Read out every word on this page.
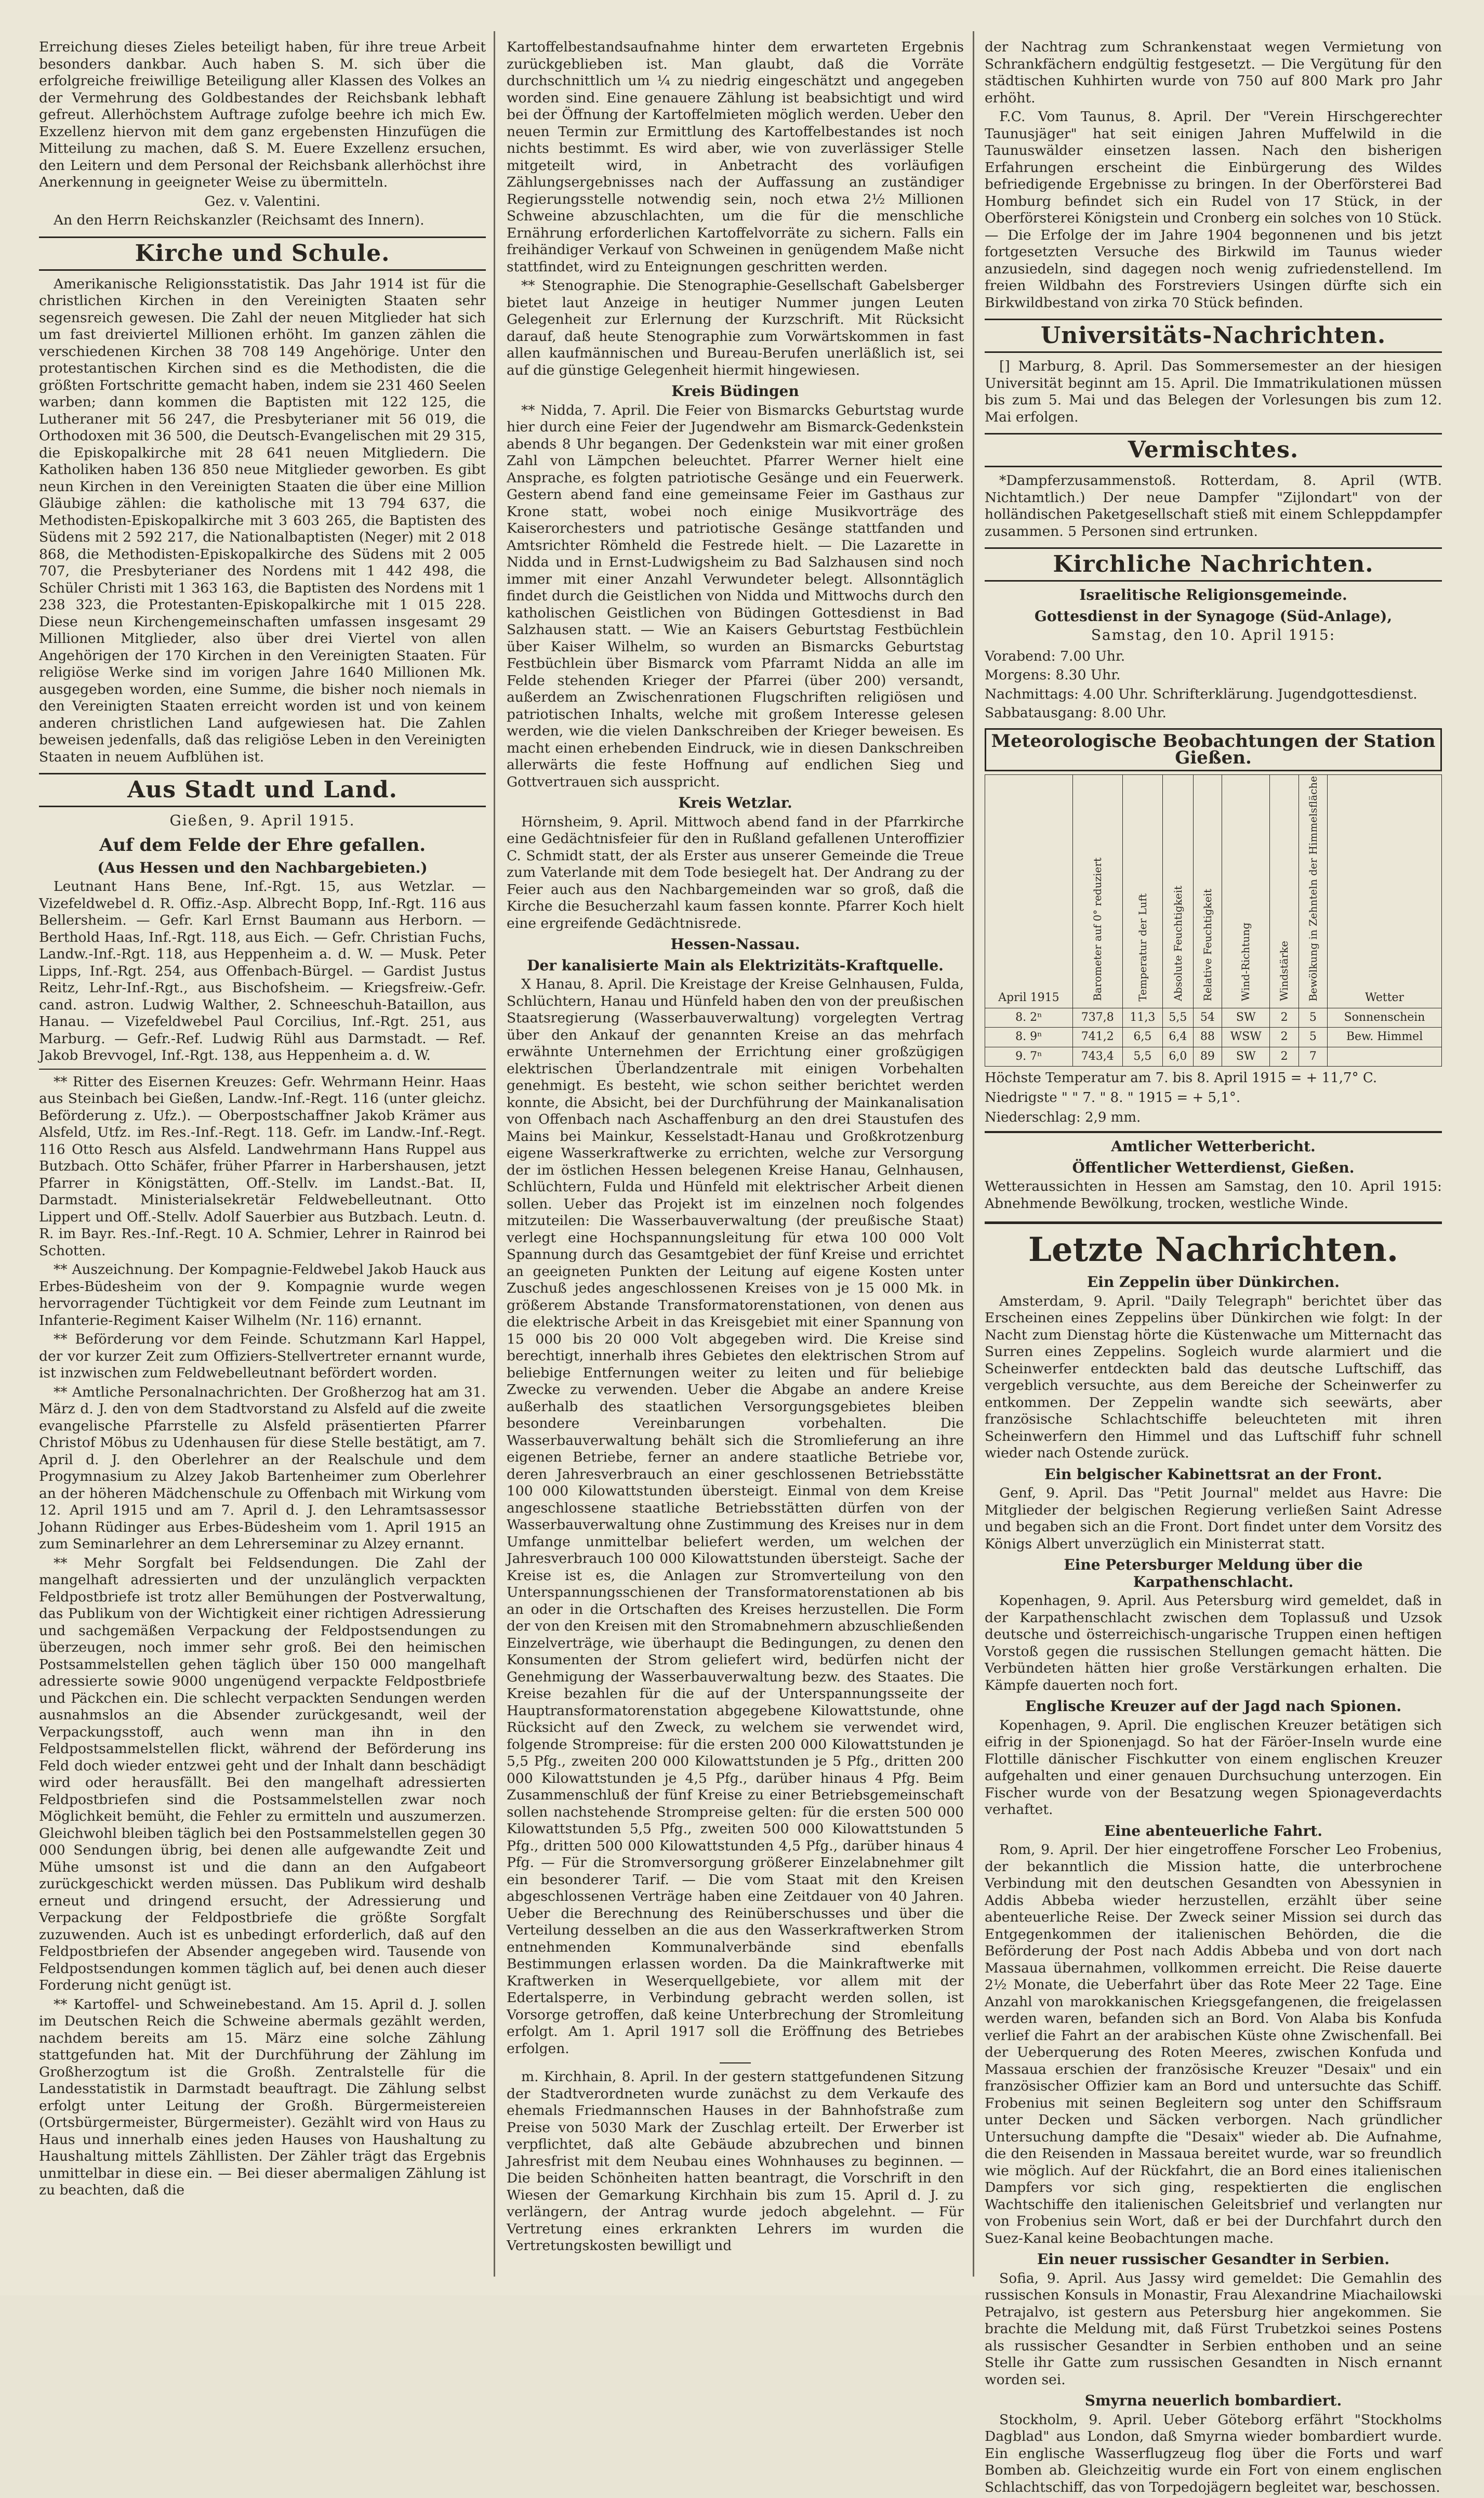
Erreichung dieses Zieles beteiligt haben, für ihre treue Arbeit besonders dankbar. Auch haben S. M. sich über die erfolgreiche freiwillige Beteiligung aller Klassen des Volkes an der Vermehrung des Goldbestandes der Reichsbank lebhaft gefreut. Allerhöchstem Auftrage zufolge beehre ich mich Ew. Exzellenz hiervon mit dem ganz ergebensten Hinzufügen die Mitteilung zu machen, daß S. M. Euere Exzellenz ersuchen, den Leitern und dem Personal der Reichsbank allerhöchst ihre Anerkennung in geeigneter Weise zu übermitteln.

Gez. v. Valentini.

An den Herrn Reichskanzler (Reichsamt des Innern).

Kirche und Schule.

Amerikanische Religionsstatistik. Das Jahr 1914 ist für die christlichen Kirchen in den Vereinigten Staaten sehr segensreich gewesen. Die Zahl der neuen Mitglieder hat sich um fast dreiviertel Millionen erhöht. Im ganzen zählen die verschiedenen Kirchen 38 708 149 Angehörige. Unter den protestantischen Kirchen sind es die Methodisten, die die größten Fortschritte gemacht haben, indem sie 231 460 Seelen warben; dann kommen die Baptisten mit 122 125, die Lutheraner mit 56 247, die Presbyterianer mit 56 019, die Orthodoxen mit 36 500, die Deutsch-Evangelischen mit 29 315, die Episkopalkirche mit 28 641 neuen Mitgliedern. Die Katholiken haben 136 850 neue Mitglieder geworben. Es gibt neun Kirchen in den Vereinigten Staaten die über eine Million Gläubige zählen: die katholische mit 13 794 637, die Methodisten-Episkopalkirche mit 3 603 265, die Baptisten des Südens mit 2 592 217, die Nationalbaptisten (Neger) mit 2 018 868, die Methodisten-Episkopalkirche des Südens mit 2 005 707, die Presbyterianer des Nordens mit 1 442 498, die Schüler Christi mit 1 363 163, die Baptisten des Nordens mit 1 238 323, die Protestanten-Episkopalkirche mit 1 015 228. Diese neun Kirchengemeinschaften umfassen insgesamt 29 Millionen Mitglieder, also über drei Viertel von allen Angehörigen der 170 Kirchen in den Vereinigten Staaten. Für religiöse Werke sind im vorigen Jahre 1640 Millionen Mk. ausgegeben worden, eine Summe, die bisher noch niemals in den Vereinigten Staaten erreicht worden ist und von keinem anderen christlichen Land aufgewiesen hat. Die Zahlen beweisen jedenfalls, daß das religiöse Leben in den Vereinigten Staaten in neuem Aufblühen ist.

Aus Stadt und Land.
Gießen, 9. April 1915.
Auf dem Felde der Ehre gefallen.
(Aus Hessen und den Nachbargebieten.)

Leutnant Hans Bene, Inf.-Rgt. 15, aus Wetzlar. — Vizefeldwebel d. R. Offiz.-Asp. Albrecht Bopp, Inf.-Rgt. 116 aus Bellersheim. — Gefr. Karl Ernst Baumann aus Herborn. — Berthold Haas, Inf.-Rgt. 118, aus Eich. — Gefr. Christian Fuchs, Landw.-Inf.-Rgt. 118, aus Heppenheim a. d. W. — Musk. Peter Lipps, Inf.-Rgt. 254, aus Offenbach-Bürgel. — Gardist Justus Reitz, Lehr-Inf.-Rgt., aus Bischofsheim. — Kriegsfreiw.-Gefr. cand. astron. Ludwig Walther, 2. Schneeschuh-Bataillon, aus Hanau. — Vizefeldwebel Paul Corcilius, Inf.-Rgt. 251, aus Marburg. — Gefr.-Ref. Ludwig Rühl aus Darmstadt. — Ref. Jakob Brevvogel, Inf.-Rgt. 138, aus Heppenheim a. d. W.

** Ritter des Eisernen Kreuzes: Gefr. Wehrmann Heinr. Haas aus Steinbach bei Gießen, Landw.-Inf.-Regt. 116 (unter gleichz. Beförderung z. Ufz.). — Oberpostschaffner Jakob Krämer aus Alsfeld, Utfz. im Res.-Inf.-Regt. 118. Gefr. im Landw.-Inf.-Regt. 116 Otto Resch aus Alsfeld. Landwehrmann Hans Ruppel aus Butzbach. Otto Schäfer, früher Pfarrer in Harbershausen, jetzt Pfarrer in Königstätten, Off.-Stellv. im Landst.-Bat. II, Darmstadt. Ministerialsekretär Feldwebelleutnant. Otto Lippert und Off.-Stellv. Adolf Sauerbier aus Butzbach. Leutn. d. R. im Bayr. Res.-Inf.-Regt. 10 A. Schmier, Lehrer in Rainrod bei Schotten.

** Auszeichnung. Der Kompagnie-Feldwebel Jakob Hauck aus Erbes-Büdesheim von der 9. Kompagnie wurde wegen hervorragender Tüchtigkeit vor dem Feinde zum Leutnant im Infanterie-Regiment Kaiser Wilhelm (Nr. 116) ernannt.

** Beförderung vor dem Feinde. Schutzmann Karl Happel, der vor kurzer Zeit zum Offiziers-Stellvertreter ernannt wurde, ist inzwischen zum Feldwebelleutnant befördert worden.

** Amtliche Personalnachrichten. Der Großherzog hat am 31. März d. J. den von dem Stadtvorstand zu Alsfeld auf die zweite evangelische Pfarrstelle zu Alsfeld präsentierten Pfarrer Christof Möbus zu Udenhausen für diese Stelle bestätigt, am 7. April d. J. den Oberlehrer an der Realschule und dem Progymnasium zu Alzey Jakob Bartenheimer zum Oberlehrer an der höheren Mädchenschule zu Offenbach mit Wirkung vom 12. April 1915 und am 7. April d. J. den Lehramtsassessor Johann Rüdinger aus Erbes-Büdesheim vom 1. April 1915 an zum Seminarlehrer an dem Lehrerseminar zu Alzey ernannt.

** Mehr Sorgfalt bei Feldsendungen. Die Zahl der mangelhaft adressierten und der unzulänglich verpackten Feldpostbriefe ist trotz aller Bemühungen der Postverwaltung, das Publikum von der Wichtigkeit einer richtigen Adressierung und sachgemäßen Verpackung der Feldpostsendungen zu überzeugen, noch immer sehr groß. Bei den heimischen Postsammelstellen gehen täglich über 150 000 mangelhaft adressierte sowie 9000 ungenügend verpackte Feldpostbriefe und Päckchen ein. Die schlecht verpackten Sendungen werden ausnahmslos an die Absender zurückgesandt, weil der Verpackungsstoff, auch wenn man ihn in den Feldpostsammelstellen flickt, während der Beförderung ins Feld doch wieder entzwei geht und der Inhalt dann beschädigt wird oder herausfällt. Bei den mangelhaft adressierten Feldpostbriefen sind die Postsammelstellen zwar noch Möglichkeit bemüht, die Fehler zu ermitteln und auszumerzen. Gleichwohl bleiben täglich bei den Postsammelstellen gegen 30 000 Sendungen übrig, bei denen alle aufgewandte Zeit und Mühe umsonst ist und die dann an den Aufgabeort zurückgeschickt werden müssen. Das Publikum wird deshalb erneut und dringend ersucht, der Adressierung und Verpackung der Feldpostbriefe die größte Sorgfalt zuzuwenden. Auch ist es unbedingt erforderlich, daß auf den Feldpostbriefen der Absender angegeben wird. Tausende von Feldpostsendungen kommen täglich auf, bei denen auch dieser Forderung nicht genügt ist.

** Kartoffel- und Schweinebestand. Am 15. April d. J. sollen im Deutschen Reich die Schweine abermals gezählt werden, nachdem bereits am 15. März eine solche Zählung stattgefunden hat. Mit der Durchführung der Zählung im Großherzogtum ist die Großh. Zentralstelle für die Landesstatistik in Darmstadt beauftragt. Die Zählung selbst erfolgt unter Leitung der Großh. Bürgermeistereien (Ortsbürgermeister, Bürgermeister). Gezählt wird von Haus zu Haus und innerhalb eines jeden Hauses von Haushaltung zu Haushaltung mittels Zähllisten. Der Zähler trägt das Ergebnis unmittelbar in diese ein. — Bei dieser abermaligen Zählung ist zu beachten, daß die

Kartoffelbestandsaufnahme hinter dem erwarteten Ergebnis zurückgeblieben ist. Man glaubt, daß die Vorräte durchschnittlich um ¼ zu niedrig eingeschätzt und angegeben worden sind. Eine genauere Zählung ist beabsichtigt und wird bei der Öffnung der Kartoffelmieten möglich werden. Ueber den neuen Termin zur Ermittlung des Kartoffelbestandes ist noch nichts bestimmt. Es wird aber, wie von zuverlässiger Stelle mitgeteilt wird, in Anbetracht des vorläufigen Zählungsergebnisses nach der Auffassung an zuständiger Regierungsstelle notwendig sein, noch etwa 2½ Millionen Schweine abzuschlachten, um die für die menschliche Ernährung erforderlichen Kartoffelvorräte zu sichern. Falls ein freihändiger Verkauf von Schweinen in genügendem Maße nicht stattfindet, wird zu Enteignungen geschritten werden.

** Stenographie. Die Stenographie-Gesellschaft Gabelsberger bietet laut Anzeige in heutiger Nummer jungen Leuten Gelegenheit zur Erlernung der Kurzschrift. Mit Rücksicht darauf, daß heute Stenographie zum Vorwärtskommen in fast allen kaufmännischen und Bureau-Berufen unerläßlich ist, sei auf die günstige Gelegenheit hiermit hingewiesen.

Kreis Büdingen

** Nidda, 7. April. Die Feier von Bismarcks Geburtstag wurde hier durch eine Feier der Jugendwehr am Bismarck-Gedenkstein abends 8 Uhr begangen. Der Gedenkstein war mit einer großen Zahl von Lämpchen beleuchtet. Pfarrer Werner hielt eine Ansprache, es folgten patriotische Gesänge und ein Feuerwerk. Gestern abend fand eine gemeinsame Feier im Gasthaus zur Krone statt, wobei noch einige Musikvorträge des Kaiserorchesters und patriotische Gesänge stattfanden und Amtsrichter Römheld die Festrede hielt. — Die Lazarette in Nidda und in Ernst-Ludwigsheim zu Bad Salzhausen sind noch immer mit einer Anzahl Verwundeter belegt. Allsonntäglich findet durch die Geistlichen von Nidda und Mittwochs durch den katholischen Geistlichen von Büdingen Gottesdienst in Bad Salzhausen statt. — Wie an Kaisers Geburtstag Festbüchlein über Kaiser Wilhelm, so wurden an Bismarcks Geburtstag Festbüchlein über Bismarck vom Pfarramt Nidda an alle im Felde stehenden Krieger der Pfarrei (über 200) versandt, außerdem an Zwischenrationen Flugschriften religiösen und patriotischen Inhalts, welche mit großem Interesse gelesen werden, wie die vielen Dankschreiben der Krieger beweisen. Es macht einen erhebenden Eindruck, wie in diesen Dankschreiben allerwärts die feste Hoffnung auf endlichen Sieg und Gottvertrauen sich ausspricht.

Kreis Wetzlar.

Hörnsheim, 9. April. Mittwoch abend fand in der Pfarrkirche eine Gedächtnisfeier für den in Rußland gefallenen Unteroffizier C. Schmidt statt, der als Erster aus unserer Gemeinde die Treue zum Vaterlande mit dem Tode besiegelt hat. Der Andrang zu der Feier auch aus den Nachbargemeinden war so groß, daß die Kirche die Besucherzahl kaum fassen konnte. Pfarrer Koch hielt eine ergreifende Gedächtnisrede.

Hessen-Nassau.
Der kanalisierte Main als Elektrizitäts-Kraftquelle.

X Hanau, 8. April. Die Kreistage der Kreise Gelnhausen, Fulda, Schlüchtern, Hanau und Hünfeld haben den von der preußischen Staatsregierung (Wasserbauverwaltung) vorgelegten Vertrag über den Ankauf der genannten Kreise an das mehrfach erwähnte Unternehmen der Errichtung einer großzügigen elektrischen Überlandzentrale mit einigen Vorbehalten genehmigt. Es besteht, wie schon seither berichtet werden konnte, die Absicht, bei der Durchführung der Mainkanalisation von Offenbach nach Aschaffenburg an den drei Staustufen des Mains bei Mainkur, Kesselstadt-Hanau und Großkrotzenburg eigene Wasserkraftwerke zu errichten, welche zur Versorgung der im östlichen Hessen belegenen Kreise Hanau, Gelnhausen, Schlüchtern, Fulda und Hünfeld mit elektrischer Arbeit dienen sollen. Ueber das Projekt ist im einzelnen noch folgendes mitzuteilen: Die Wasserbauverwaltung (der preußische Staat) verlegt eine Hochspannungsleitung für etwa 100 000 Volt Spannung durch das Gesamtgebiet der fünf Kreise und errichtet an geeigneten Punkten der Leitung auf eigene Kosten unter Zuschuß jedes angeschlossenen Kreises von je 15 000 Mk. in größerem Abstande Transformatorenstationen, von denen aus die elektrische Arbeit in das Kreisgebiet mit einer Spannung von 15 000 bis 20 000 Volt abgegeben wird. Die Kreise sind berechtigt, innerhalb ihres Gebietes den elektrischen Strom auf beliebige Entfernungen weiter zu leiten und für beliebige Zwecke zu verwenden. Ueber die Abgabe an andere Kreise außerhalb des staatlichen Versorgungsgebietes bleiben besondere Vereinbarungen vorbehalten. Die Wasserbauverwaltung behält sich die Stromlieferung an ihre eigenen Betriebe, ferner an andere staatliche Betriebe vor, deren Jahresverbrauch an einer geschlossenen Betriebsstätte 100 000 Kilowattstunden übersteigt. Einmal von dem Kreise angeschlossene staatliche Betriebsstätten dürfen von der Wasserbauverwaltung ohne Zustimmung des Kreises nur in dem Umfange unmittelbar beliefert werden, um welchen der Jahresverbrauch 100 000 Kilowattstunden übersteigt. Sache der Kreise ist es, die Anlagen zur Stromverteilung von den Unterspannungsschienen der Transformatorenstationen ab bis an oder in die Ortschaften des Kreises herzustellen. Die Form der von den Kreisen mit den Stromabnehmern abzuschließenden Einzelverträge, wie überhaupt die Bedingungen, zu denen den Konsumenten der Strom geliefert wird, bedürfen nicht der Genehmigung der Wasserbauverwaltung bezw. des Staates. Die Kreise bezahlen für die auf der Unterspannungsseite der Hauptransformatorenstation abgegebene Kilowattstunde, ohne Rücksicht auf den Zweck, zu welchem sie verwendet wird, folgende Strompreise: für die ersten 200 000 Kilowattstunden je 5,5 Pfg., zweiten 200 000 Kilowattstunden je 5 Pfg., dritten 200 000 Kilowattstunden je 4,5 Pfg., darüber hinaus 4 Pfg. Beim Zusammenschluß der fünf Kreise zu einer Betriebsgemeinschaft sollen nachstehende Strompreise gelten: für die ersten 500 000 Kilowattstunden 5,5 Pfg., zweiten 500 000 Kilowattstunden 5 Pfg., dritten 500 000 Kilowattstunden 4,5 Pfg., darüber hinaus 4 Pfg. — Für die Stromversorgung größerer Einzelabnehmer gilt ein besonderer Tarif. — Die vom Staat mit den Kreisen abgeschlossenen Verträge haben eine Zeitdauer von 40 Jahren. Ueber die Berechnung des Reinüberschusses und über die Verteilung desselben an die aus den Wasserkraftwerken Strom entnehmenden Kommunalverbände sind ebenfalls Bestimmungen erlassen worden. Da die Mainkraftwerke mit Kraftwerken in Weserquellgebiete, vor allem mit der Edertalsperre, in Verbindung gebracht werden sollen, ist Vorsorge getroffen, daß keine Unterbrechung der Stromleitung erfolgt. Am 1. April 1917 soll die Eröffnung des Betriebes erfolgen.

m. Kirchhain, 8. April. In der gestern stattgefundenen Sitzung der Stadtverordneten wurde zunächst zu dem Verkaufe des ehemals Friedmannschen Hauses in der Bahnhofstraße zum Preise von 5030 Mark der Zuschlag erteilt. Der Erwerber ist verpflichtet, daß alte Gebäude abzubrechen und binnen Jahresfrist mit dem Neubau eines Wohnhauses zu beginnen. — Die beiden Schönheiten hatten beantragt, die Vorschrift in den Wiesen der Gemarkung Kirchhain bis zum 15. April d. J. zu verlängern, der Antrag wurde jedoch abgelehnt. — Für Vertretung eines erkrankten Lehrers im wurden die Vertretungskosten bewilligt und

der Nachtrag zum Schrankenstaat wegen Vermietung von Schrankfächern endgültig festgesetzt. — Die Vergütung für den städtischen Kuhhirten wurde von 750 auf 800 Mark pro Jahr erhöht.

F.C. Vom Taunus, 8. April. Der "Verein Hirschgerechter Taunusjäger" hat seit einigen Jahren Muffelwild in die Taunuswälder einsetzen lassen. Nach den bisherigen Erfahrungen erscheint die Einbürgerung des Wildes befriedigende Ergebnisse zu bringen. In der Oberförsterei Bad Homburg befindet sich ein Rudel von 17 Stück, in der Oberförsterei Königstein und Cronberg ein solches von 10 Stück. — Die Erfolge der im Jahre 1904 begonnenen und bis jetzt fortgesetzten Versuche des Birkwild im Taunus wieder anzusiedeln, sind dagegen noch wenig zufriedenstellend. Im freien Wildbahn des Forstreviers Usingen dürfte sich ein Birkwildbestand von zirka 70 Stück befinden.

Universitäts-Nachrichten.

[] Marburg, 8. April. Das Sommersemester an der hiesigen Universität beginnt am 15. April. Die Immatrikulationen müssen bis zum 5. Mai und das Belegen der Vorlesungen bis zum 12. Mai erfolgen.

Vermischtes.

*Dampferzusammenstoß. Rotterdam, 8. April (WTB. Nichtamtlich.) Der neue Dampfer "Zijlondart" von der holländischen Paketgesellschaft stieß mit einem Schleppdampfer zusammen. 5 Personen sind ertrunken.

Kirchliche Nachrichten.
Israelitische Religionsgemeinde.
Gottesdienst in der Synagoge (Süd-Anlage),
Samstag, den 10. April 1915:

Vorabend: 7.00 Uhr.

Morgens: 8.30 Uhr.

Nachmittags: 4.00 Uhr. Schrifterklärung. Jugendgottesdienst.

Sabbatausgang: 8.00 Uhr.

Meteorologische Beobachtungen der Station Gießen.
April 1915	Barometer auf 0° reduziert	Temperatur der Luft	Absolute Feuchtigkeit	Relative Feuchtigkeit	Wind-Richtung	Windstärke	Bewölkung in Zehnteln der Himmelsfläche	Wetter
8. 2ⁿ	737,8	11,3	5,5	54	SW	2	5	Sonnenschein
8. 9ⁿ	741,2	6,5	6,4	88	WSW	2	5	Bew. Himmel
9. 7ⁿ	743,4	5,5	6,0	89	SW	2	7	
Höchste Temperatur am 7. bis 8. April 1915 = + 11,7° C.
Niedrigste " " 7. " 8. " 1915 = + 5,1°.
Niederschlag: 2,9 mm.
Amtlicher Wetterbericht.
Öffentlicher Wetterdienst, Gießen.

Wetteraussichten in Hessen am Samstag, den 10. April 1915: Abnehmende Bewölkung, trocken, westliche Winde.

Letzte Nachrichten.
Ein Zeppelin über Dünkirchen.

Amsterdam, 9. April. "Daily Telegraph" berichtet über das Erscheinen eines Zeppelins über Dünkirchen wie folgt: In der Nacht zum Dienstag hörte die Küstenwache um Mitternacht das Surren eines Zeppelins. Sogleich wurde alarmiert und die Scheinwerfer entdeckten bald das deutsche Luftschiff, das vergeblich versuchte, aus dem Bereiche der Scheinwerfer zu entkommen. Der Zeppelin wandte sich seewärts, aber französische Schlachtschiffe beleuchteten mit ihren Scheinwerfern den Himmel und das Luftschiff fuhr schnell wieder nach Ostende zurück.

Ein belgischer Kabinettsrat an der Front.

Genf, 9. April. Das "Petit Journal" meldet aus Havre: Die Mitglieder der belgischen Regierung verließen Saint Adresse und begaben sich an die Front. Dort findet unter dem Vorsitz des Königs Albert unverzüglich ein Ministerrat statt.

Eine Petersburger Meldung über die Karpathenschlacht.

Kopenhagen, 9. April. Aus Petersburg wird gemeldet, daß in der Karpathenschlacht zwischen dem Toplassuß und Uzsok deutsche und österreichisch-ungarische Truppen einen heftigen Vorstoß gegen die russischen Stellungen gemacht hätten. Die Verbündeten hätten hier große Verstärkungen erhalten. Die Kämpfe dauerten noch fort.

Englische Kreuzer auf der Jagd nach Spionen.

Kopenhagen, 9. April. Die englischen Kreuzer betätigen sich eifrig in der Spionenjagd. So hat der Färöer-Inseln wurde eine Flottille dänischer Fischkutter von einem englischen Kreuzer aufgehalten und einer genauen Durchsuchung unterzogen. Ein Fischer wurde von der Besatzung wegen Spionageverdachts verhaftet.

Eine abenteuerliche Fahrt.

Rom, 9. April. Der hier eingetroffene Forscher Leo Frobenius, der bekanntlich die Mission hatte, die unterbrochene Verbindung mit den deutschen Gesandten von Abessynien in Addis Abbeba wieder herzustellen, erzählt über seine abenteuerliche Reise. Der Zweck seiner Mission sei durch das Entgegenkommen der italienischen Behörden, die die Beförderung der Post nach Addis Abbeba und von dort nach Massaua übernahmen, vollkommen erreicht. Die Reise dauerte 2½ Monate, die Ueberfahrt über das Rote Meer 22 Tage. Eine Anzahl von marokkanischen Kriegsgefangenen, die freigelassen werden waren, befanden sich an Bord. Von Alaba bis Konfuda verlief die Fahrt an der arabischen Küste ohne Zwischenfall. Bei der Ueberquerung des Roten Meeres, zwischen Konfuda und Massaua erschien der französische Kreuzer "Desaix" und ein französischer Offizier kam an Bord und untersuchte das Schiff. Frobenius mit seinen Begleitern sog unter den Schiffsraum unter Decken und Säcken verborgen. Nach gründlicher Untersuchung dampfte die "Desaix" wieder ab. Die Aufnahme, die den Reisenden in Massaua bereitet wurde, war so freundlich wie möglich. Auf der Rückfahrt, die an Bord eines italienischen Dampfers vor sich ging, respektierten die englischen Wachtschiffe den italienischen Geleitsbrief und verlangten nur von Frobenius sein Wort, daß er bei der Durchfahrt durch den Suez-Kanal keine Beobachtungen mache.

Ein neuer russischer Gesandter in Serbien.

Sofia, 9. April. Aus Jassy wird gemeldet: Die Gemahlin des russischen Konsuls in Monastir, Frau Alexandrine Miachailowski Petrajalvo, ist gestern aus Petersburg hier angekommen. Sie brachte die Meldung mit, daß Fürst Trubetzkoi seines Postens als russischer Gesandter in Serbien enthoben und an seine Stelle ihr Gatte zum russischen Gesandten in Nisch ernannt worden sei.

Smyrna neuerlich bombardiert.

Stockholm, 9. April. Ueber Göteborg erfährt "Stockholms Dagblad" aus London, daß Smyrna wieder bombardiert wurde. Ein englische Wasserflugzeug flog über die Forts und warf Bomben ab. Gleichzeitig wurde ein Fort von einem englischen Schlachtschiff, das von Torpedojägern begleitet war, beschossen.
